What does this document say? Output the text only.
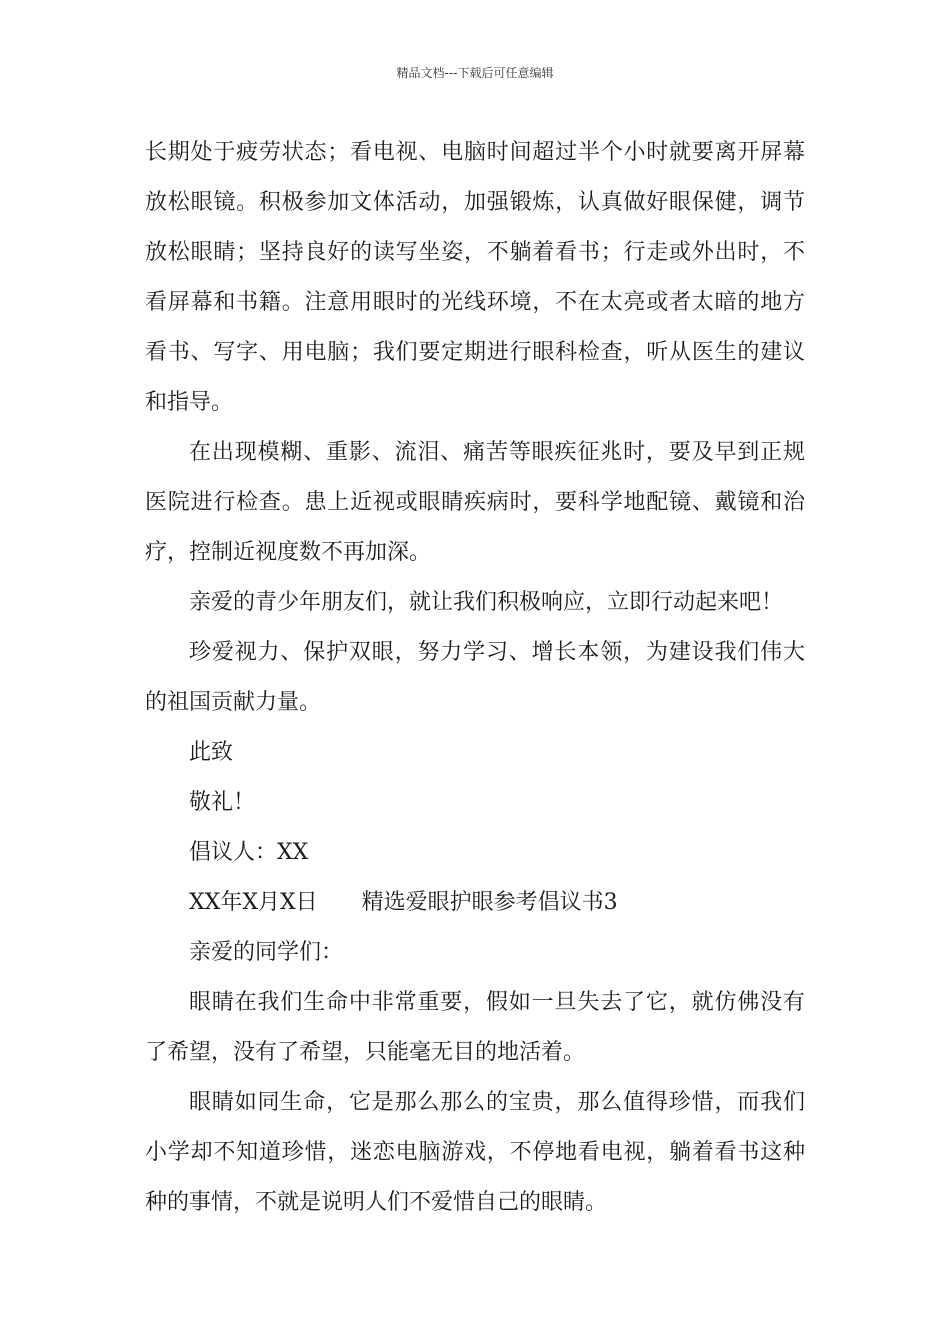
精品文档---下载后可任意编辑
长期处于疲劳状态；看电视、电脑时间超过半个小时就要离开屏幕
放松眼镜。积极参加文体活动，加强锻炼，认真做好眼保健，调节
放松眼睛；坚持良好的读写坐姿，不躺着看书；行走或外出时，不
看屏幕和书籍。注意用眼时的光线环境，不在太亮或者太暗的地方
看书、写字、用电脑；我们要定期进行眼科检查，听从医生的建议
和指导。
在出现模糊、重影、流泪、痛苦等眼疾征兆时，要及早到正规
医院进行检查。患上近视或眼睛疾病时，要科学地配镜、戴镜和治
疗，控制近视度数不再加深。
亲爱的青少年朋友们，就让我们积极响应，立即行动起来吧！
珍爱视力、保护双眼，努力学习、增长本领，为建设我们伟大
的祖国贡献力量。
此致
敬礼！
倡议人：XX
XX年X月X日 精选爱眼护眼参考倡议书3
亲爱的同学们：
眼睛在我们生命中非常重要，假如一旦失去了它，就仿佛没有
了希望，没有了希望，只能毫无目的地活着。
眼睛如同生命，它是那么那么的宝贵，那么值得珍惜，而我们
小学却不知道珍惜，迷恋电脑游戏，不停地看电视，躺着看书这种
种的事情，不就是说明人们不爱惜自己的眼睛。
